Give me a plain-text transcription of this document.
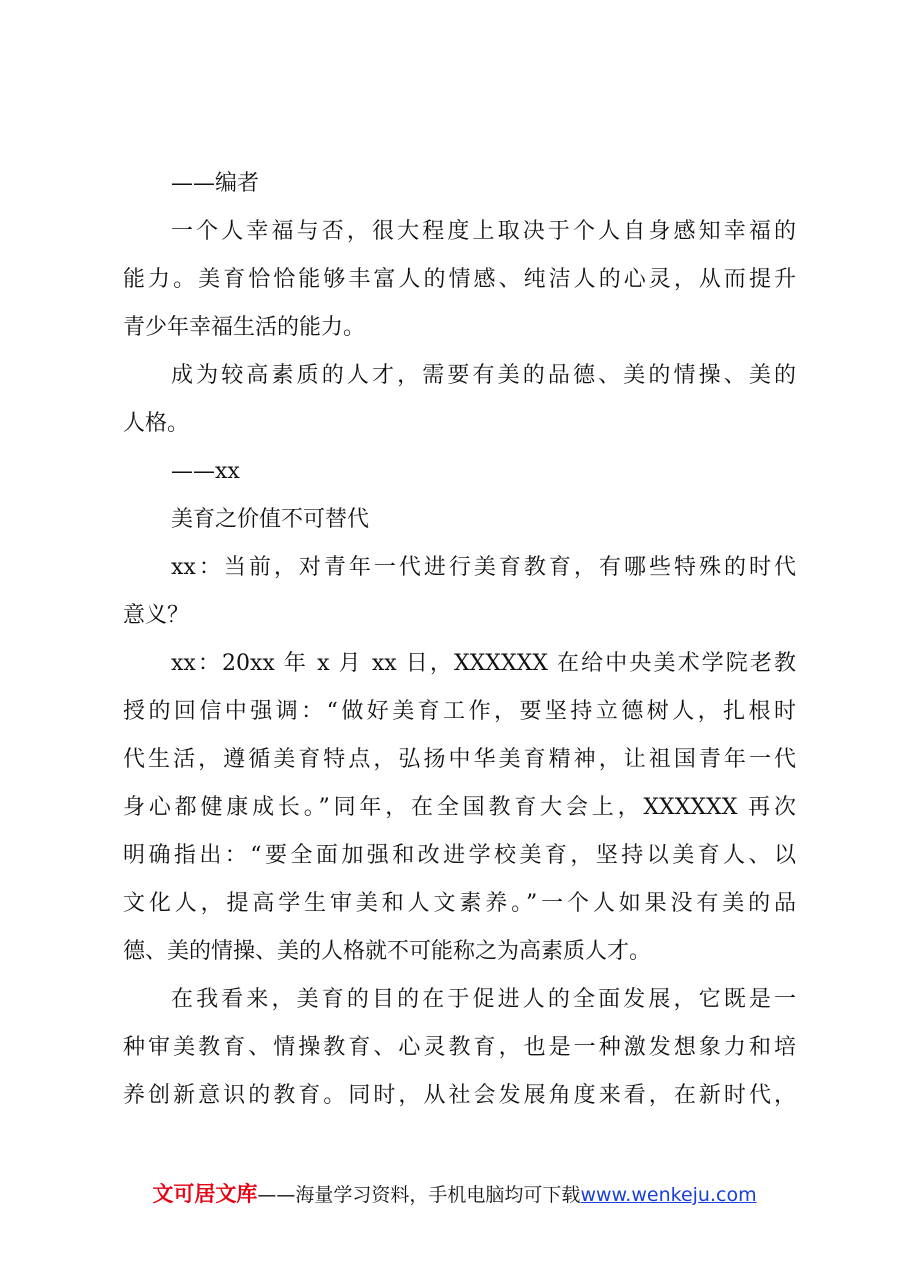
——编者
一个人幸福与否，很大程度上取决于个人自身感知幸福的
能力。美育恰恰能够丰富人的情感、纯洁人的心灵，从而提升
青少年幸福生活的能力。
成为较高素质的人才，需要有美的品德、美的情操、美的
人格。
——xx
美育之价值不可替代
xx：当前，对青年一代进行美育教育，有哪些特殊的时代
意义？
xx：20xx 年 x 月 xx 日，XXXXXX 在给中央美术学院老教
授的回信中强调：“做好美育工作，要坚持立德树人，扎根时
代生活，遵循美育特点，弘扬中华美育精神，让祖国青年一代
身心都健康成长。”同年，在全国教育大会上，XXXXXX 再次
明确指出：“要全面加强和改进学校美育，坚持以美育人、以
文化人，提高学生审美和人文素养。”一个人如果没有美的品
德、美的情操、美的人格就不可能称之为高素质人才。
在我看来，美育的目的在于促进人的全面发展，它既是一
种审美教育、情操教育、心灵教育，也是一种激发想象力和培
养创新意识的教育。同时，从社会发展角度来看，在新时代，
文可居文库——海量学习资料，手机电脑均可下载www.wenkeju.com
